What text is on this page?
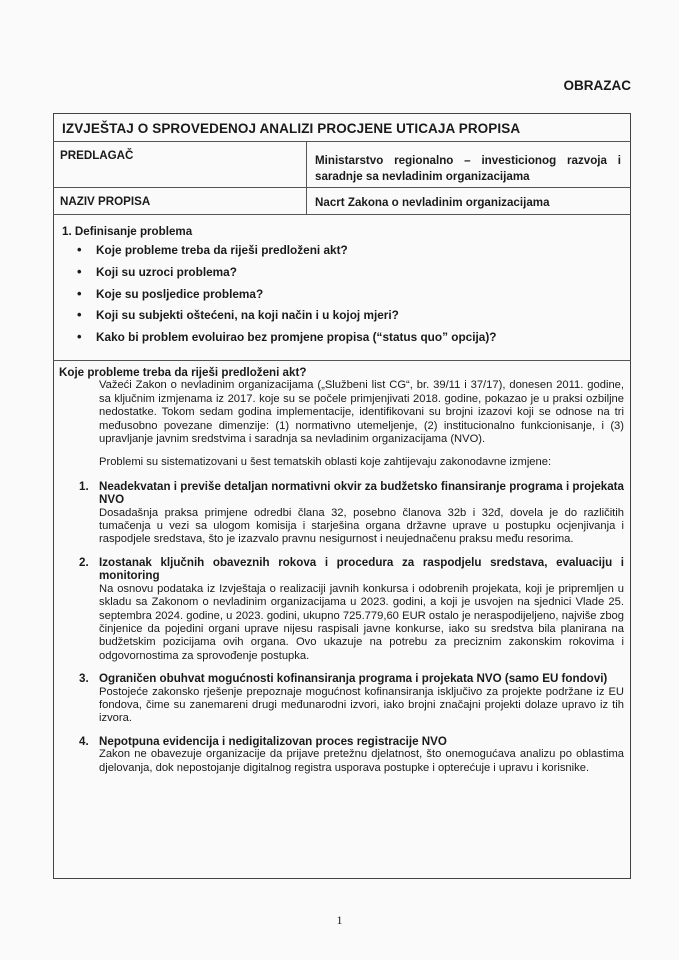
OBRAZAC
IZVJEŠTAJ O SPROVEDENOJ ANALIZI PROCJENE UTICAJA PROPISA
PREDLAGAČ	Ministarstvo regionalno – investicionog razvoja i saradnje sa nevladinim organizacijama
NAZIV PROPISA	Nacrt Zakona o nevladinim organizacijama
1. Definisanje problema
• Koje probleme treba da riješi predloženi akt?
• Koji su uzroci problema?
• Koje su posljedice problema?
• Koji su subjekti oštećeni, na koji način i u kojoj mjeri?
• Kako bi problem evoluirao bez promjene propisa (“status quo” opcija)?

Koje probleme treba da riješi predloženi akt?

Važeći Zakon o nevladinim organizacijama („Službeni list CG“, br. 39/11 i 37/17), donesen 2011. godine, sa ključnim izmjenama iz 2017. koje su se počele primjenjivati 2018. godine, pokazao je u praksi ozbiljne nedostatke. Tokom sedam godina implementacije, identifikovani su brojni izazovi koji se odnose na tri međusobno povezane dimenzije: (1) normativno utemeljenje, (2) institucionalno funkcionisanje, i (3) upravljanje javnim sredstvima i saradnja sa nevladinim organizacijama (NVO).

Problemi su sistematizovani u šest tematskih oblasti koje zahtijevaju zakonodavne izmjene:

1. Neadekvatan i previše detaljan normativni okvir za budžetsko finansiranje programa i projekata NVO
Dosadašnja praksa primjene odredbi člana 32, posebno članova 32b i 32đ, dovela je do različitih tumačenja u vezi sa ulogom komisija i starješina organa državne uprave u postupku ocjenjivanja i raspodjele sredstava, što je izazvalo pravnu nesigurnost i neujednačenu praksu među resorima.
2. Izostanak ključnih obaveznih rokova i procedura za raspodjelu sredstava, evaluaciju i monitoring
Na osnovu podataka iz Izvještaja o realizaciji javnih konkursa i odobrenih projekata, koji je pripremljen u skladu sa Zakonom o nevladinim organizacijama u 2023. godini, a koji je usvojen na sjednici Vlade 25. septembra 2024. godine, u 2023. godini, ukupno 725.779,60 EUR ostalo je neraspodijeljeno, najviše zbog činjenice da pojedini organi uprave nijesu raspisali javne konkurse, iako su sredstva bila planirana na budžetskim pozicijama ovih organa. Ovo ukazuje na potrebu za preciznim zakonskim rokovima i odgovornostima za sprovođenje postupka.
3. Ograničen obuhvat mogućnosti kofinansiranja programa i projekata NVO (samo EU fondovi)
Postojeće zakonsko rješenje prepoznaje mogućnost kofinansiranja isključivo za projekte podržane iz EU fondova, čime su zanemareni drugi međunarodni izvori, iako brojni značajni projekti dolaze upravo iz tih izvora.
4. Nepotpuna evidencija i nedigitalizovan proces registracije NVO
Zakon ne obavezuje organizacije da prijave pretežnu djelatnost, što onemogućava analizu po oblastima djelovanja, dok nepostojanje digitalnog registra usporava postupke i opterećuje i upravu i korisnike.
1
